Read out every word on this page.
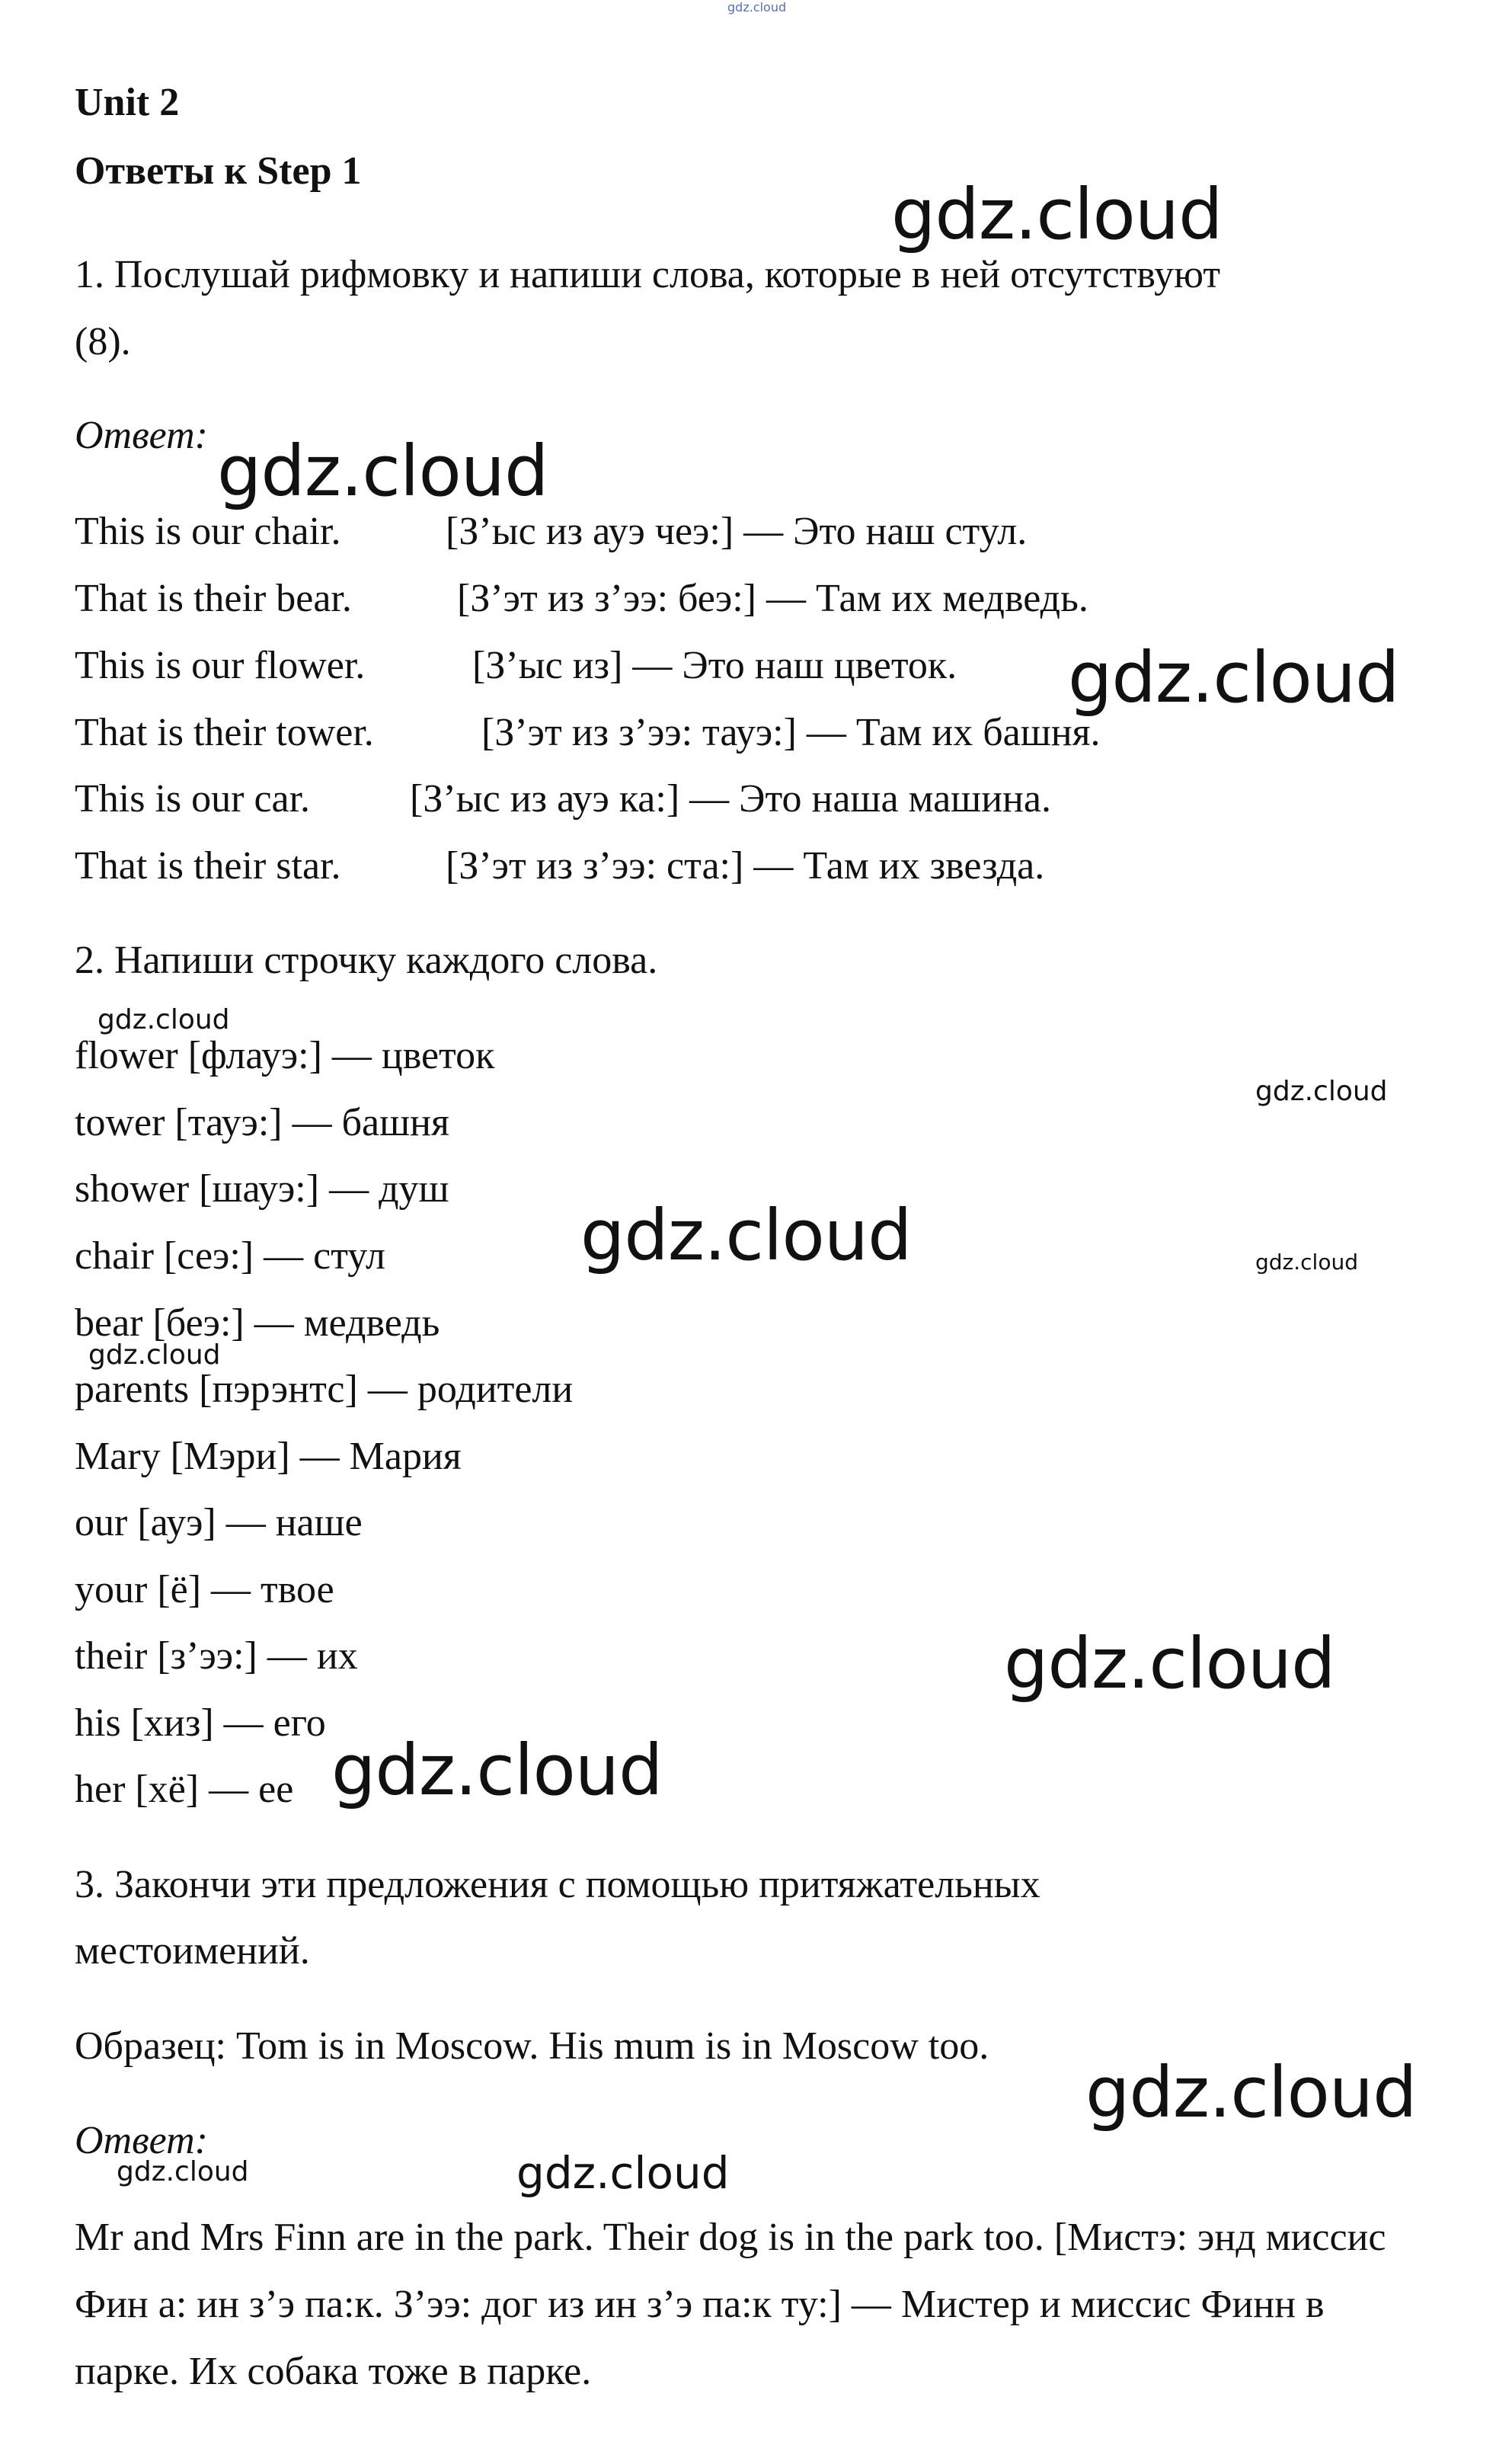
gdz.cloud
Unit 2
Ответы к Step 1
1. Послушай рифмовку и напиши слова, которые в ней отсутствуют
(8).
Ответ:
This is our chair.	[З’ыс из ауэ чеэ:] — Это наш стул.
That is their bear.	[З’эт из з’ээ: беэ:] — Там их медведь.
This is our flower.	[З’ыс из] — Это наш цветок.
That is their tower.	[З’эт из з’ээ: тауэ:] — Там их башня.
This is our car.	[З’ыс из ауэ ка:] — Это наша машина.
That is their star.	[З’эт из з’ээ: ста:] — Там их звезда.
2. Напиши строчку каждого слова.
flower [флауэ:] — цветок
tower [тауэ:] — башня
shower [шауэ:] — душ
chair [сеэ:] — стул
bear [беэ:] — медведь
parents [пэрэнтс] — родители
Mary [Мэри] — Мария
our [ауэ] — наше
your [ё] — твое
their [з’ээ:] — их
his [хиз] — его
her [хё] — ее
3. Закончи эти предложения с помощью притяжательных
местоимений.
Образец: Tom is in Moscow. His mum is in Moscow too.
Ответ:
Mr and Mrs Finn are in the park. Their dog is in the park too. [Мистэ: энд миссис Фин а: ин з’э па:к. З’ээ: дог из ин з’э па:к ту:] — Мистер и миссис Финн в парке. Их собака тоже в парке.
gdz.cloud
gdz.cloud
gdz.cloud
gdz.cloud
gdz.cloud
gdz.cloud	gdz.cloud
gdz.cloud
gdz.cloud
gdz.cloud
gdz.cloud
gdz.cloud	gdz.cloud
